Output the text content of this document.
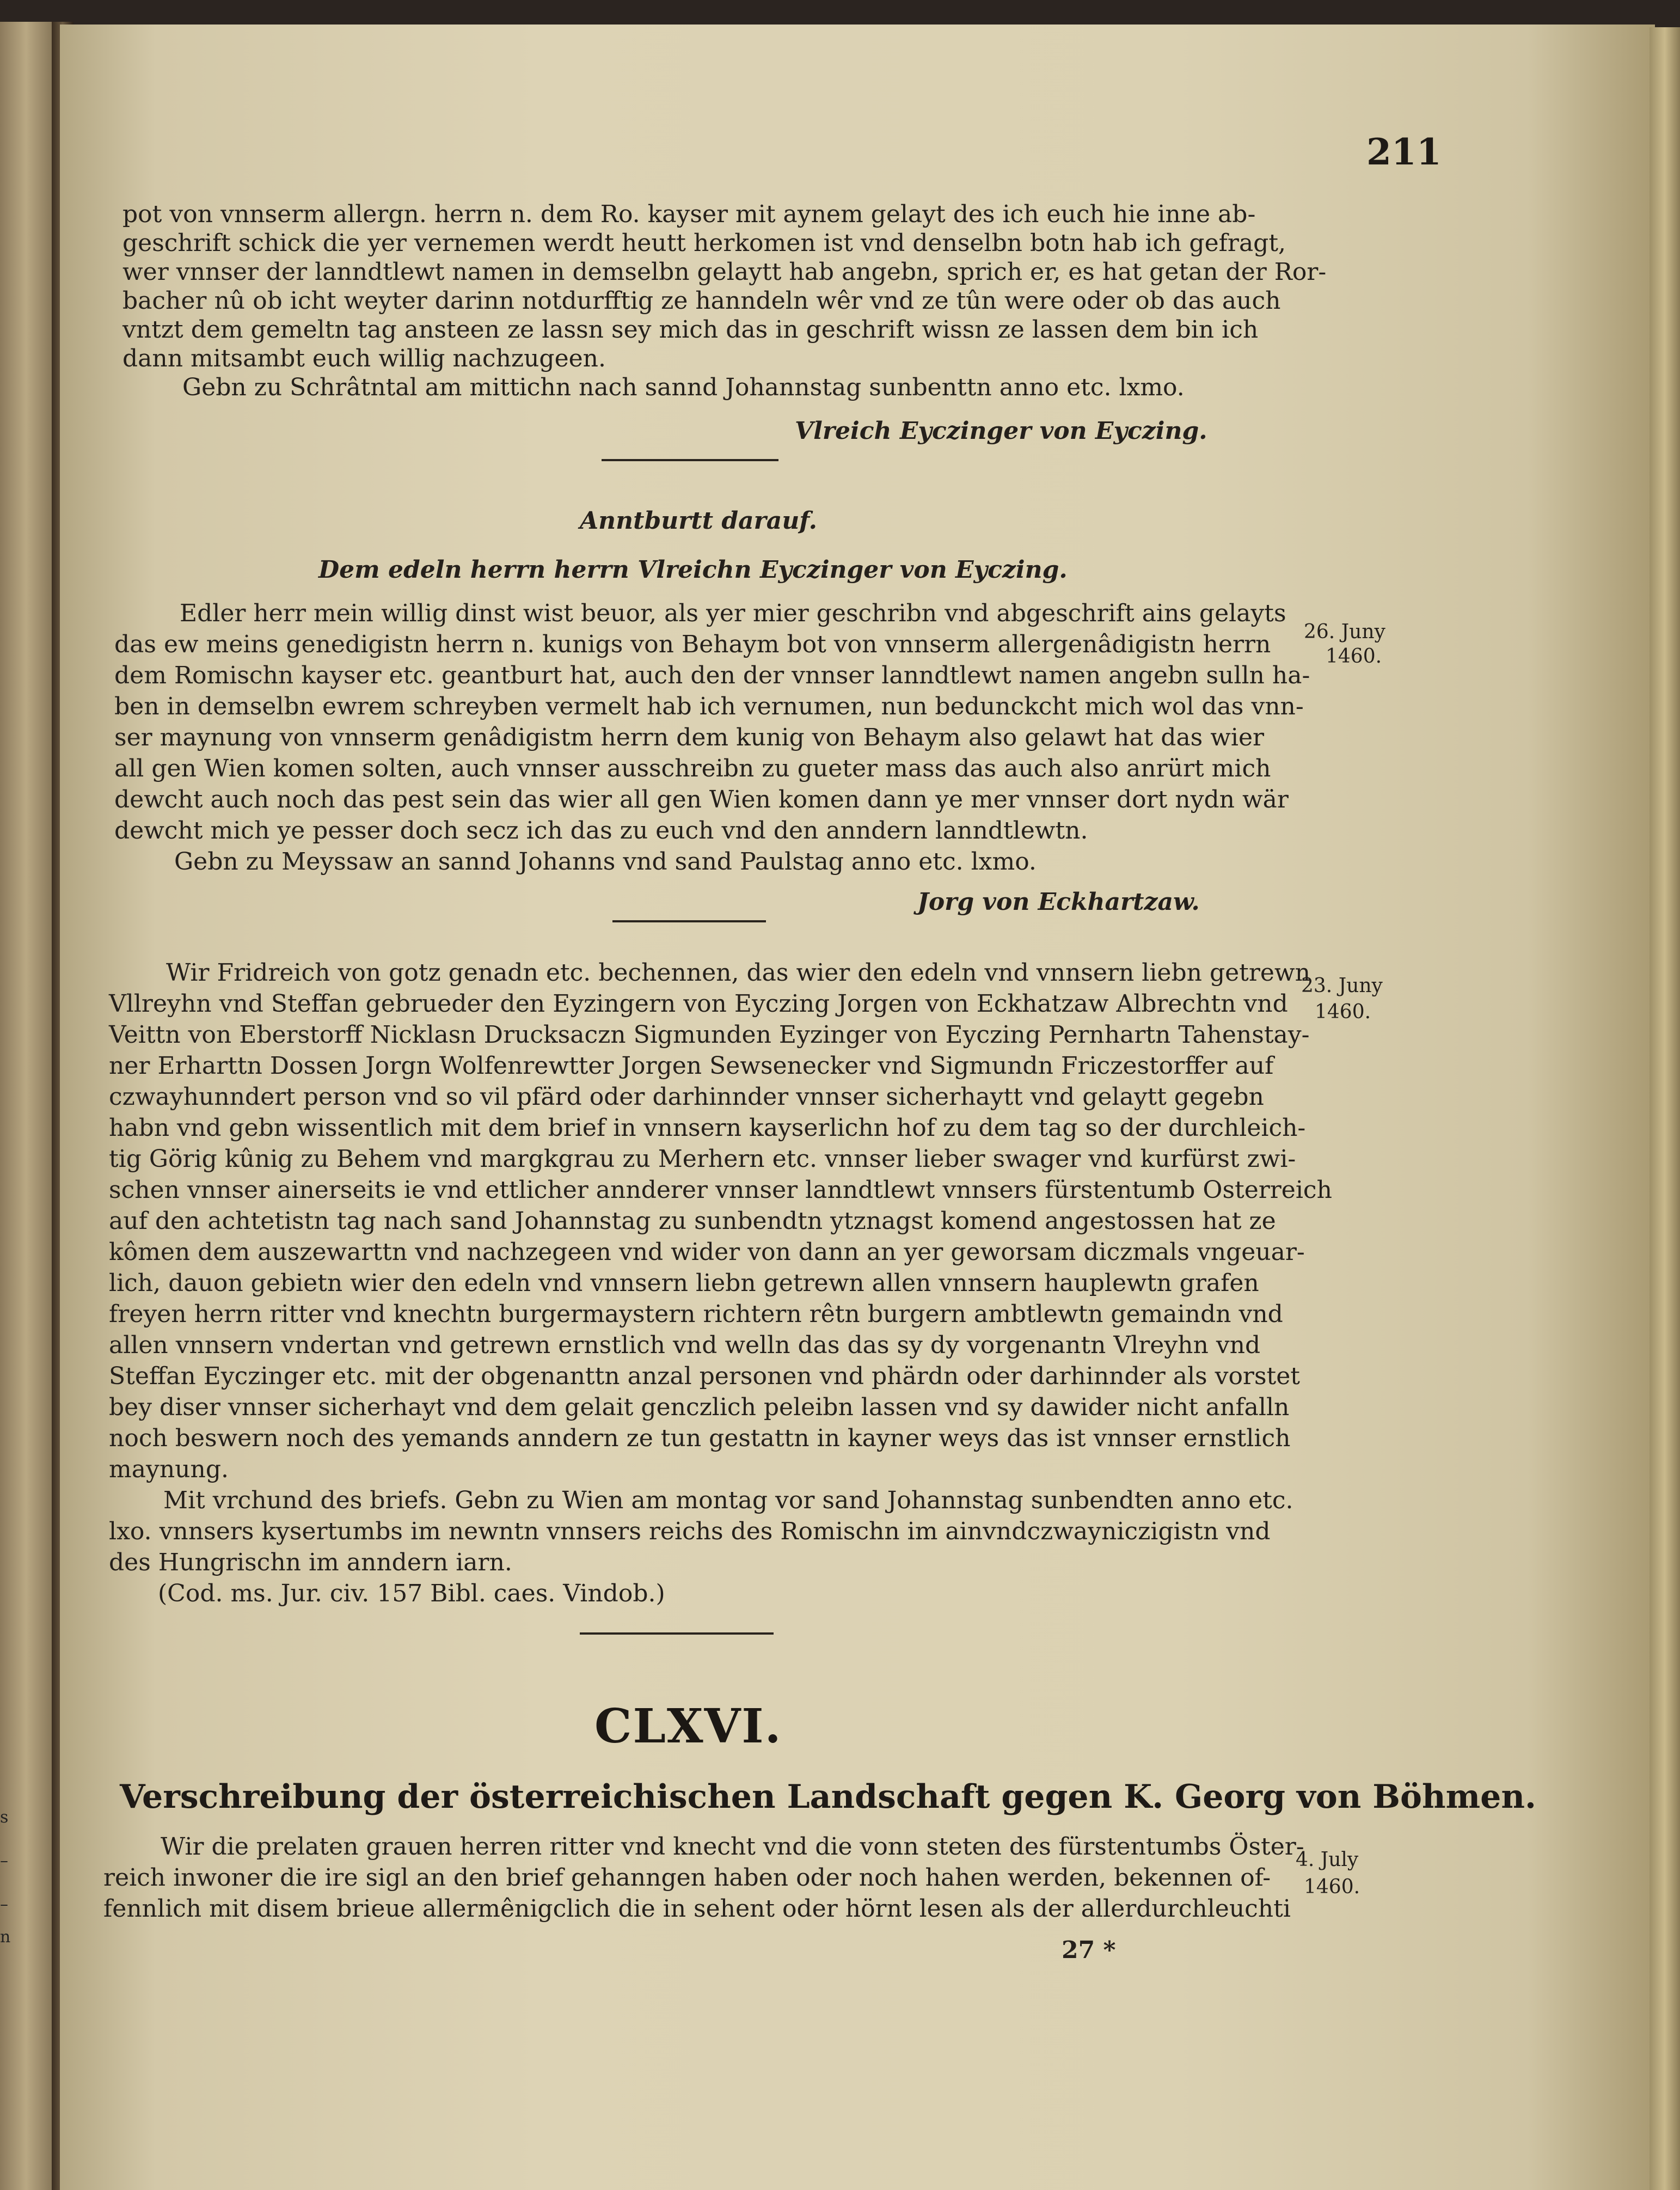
s
–
–
n
211
pot von vnnserm allergn. herrn n. dem Ro. kayser mit aynem gelayt des ich euch hie inne ab-
geschrift schick die yer vernemen werdt heutt herkomen ist vnd denselbn botn hab ich gefragt,
wer vnnser der lanndtlewt namen in demselbn gelaytt hab angebn, sprich er, es hat getan der Ror-
bacher nû ob icht weyter darinn notdurfftig ze hanndeln wêr vnd ze tûn were oder ob das auch
vntzt dem gemeltn tag ansteen ze lassn sey mich das in geschrift wissn ze lassen dem bin ich
dann mitsambt euch willig nachzugeen.
Gebn zu Schrâtntal am mittichn nach sannd Johannstag sunbenttn anno etc. lxmo.
Vlreich Eyczinger von Eyczing.
Anntburtt darauf.
Dem edeln herrn herrn Vlreichn Eyczinger von Eyczing.
Edler herr mein willig dinst wist beuor, als yer mier geschribn vnd abgeschrift ains gelayts
das ew meins genedigistn herrn n. kunigs von Behaym bot von vnnserm allergenâdigistn herrn
dem Romischn kayser etc. geantburt hat, auch den der vnnser lanndtlewt namen angebn sulln ha-
ben in demselbn ewrem schreyben vermelt hab ich vernumen, nun bedunckcht mich wol das vnn-
ser maynung von vnnserm genâdigistm herrn dem kunig von Behaym also gelawt hat das wier
all gen Wien komen solten, auch vnnser ausschreibn zu gueter mass das auch also anrürt mich
dewcht auch noch das pest sein das wier all gen Wien komen dann ye mer vnnser dort nydn wär
dewcht mich ye pesser doch secz ich das zu euch vnd den anndern lanndtlewtn.
Gebn zu Meyssaw an sannd Johanns vnd sand Paulstag anno etc. lxmo.
Jorg von Eckhartzaw.
26. Juny
1460.
Wir Fridreich von gotz genadn etc. bechennen, das wier den edeln vnd vnnsern liebn getrewn
Vllreyhn vnd Steffan gebrueder den Eyzingern von Eyczing Jorgen von Eckhatzaw Albrechtn vnd
Veittn von Eberstorff Nicklasn Drucksaczn Sigmunden Eyzinger von Eyczing Pernhartn Tahenstay-
ner Erharttn Dossen Jorgn Wolfenrewtter Jorgen Sewsenecker vnd Sigmundn Friczestorffer auf
czwayhunndert person vnd so vil pfärd oder darhinnder vnnser sicherhaytt vnd gelaytt gegebn
habn vnd gebn wissentlich mit dem brief in vnnsern kayserlichn hof zu dem tag so der durchleich-
tig Görig kûnig zu Behem vnd margkgrau zu Merhern etc. vnnser lieber swager vnd kurfürst zwi-
schen vnnser ainerseits ie vnd ettlicher annderer vnnser lanndtlewt vnnsers fürstentumb Osterreich
auf den achtetistn tag nach sand Johannstag zu sunbendtn ytznagst komend angestossen hat ze
kômen dem auszewarttn vnd nachzegeen vnd wider von dann an yer geworsam diczmals vngeuar-
lich, dauon gebietn wier den edeln vnd vnnsern liebn getrewn allen vnnsern hauplewtn grafen
freyen herrn ritter vnd knechtn burgermaystern richtern rêtn burgern ambtlewtn gemaindn vnd
allen vnnsern vndertan vnd getrewn ernstlich vnd welln das das sy dy vorgenantn Vlreyhn vnd
Steffan Eyczinger etc. mit der obgenanttn anzal personen vnd phärdn oder darhinnder als vorstet
bey diser vnnser sicherhayt vnd dem gelait genczlich peleibn lassen vnd sy dawider nicht anfalln
noch beswern noch des yemands anndern ze tun gestattn in kayner weys das ist vnnser ernstlich
maynung.
Mit vrchund des briefs. Gebn zu Wien am montag vor sand Johannstag sunbendten anno etc.
lxo. vnnsers kysertumbs im newntn vnnsers reichs des Romischn im ainvndczwayniczigistn vnd
des Hungrischn im anndern iarn.
(Cod. ms. Jur. civ. 157 Bibl. caes. Vindob.)
23. Juny
1460.
CLXVI.
Verschreibung der österreichischen Landschaft gegen K. Georg von Böhmen.
Wir die prelaten grauen herren ritter vnd knecht vnd die vonn steten des fürstentumbs Öster-
reich inwoner die ire sigl an den brief gehanngen haben oder noch hahen werden, bekennen of-
fennlich mit disem brieue allermênigclich die in sehent oder hörnt lesen als der allerdurchleuchti
4. July
1460.
27 *
